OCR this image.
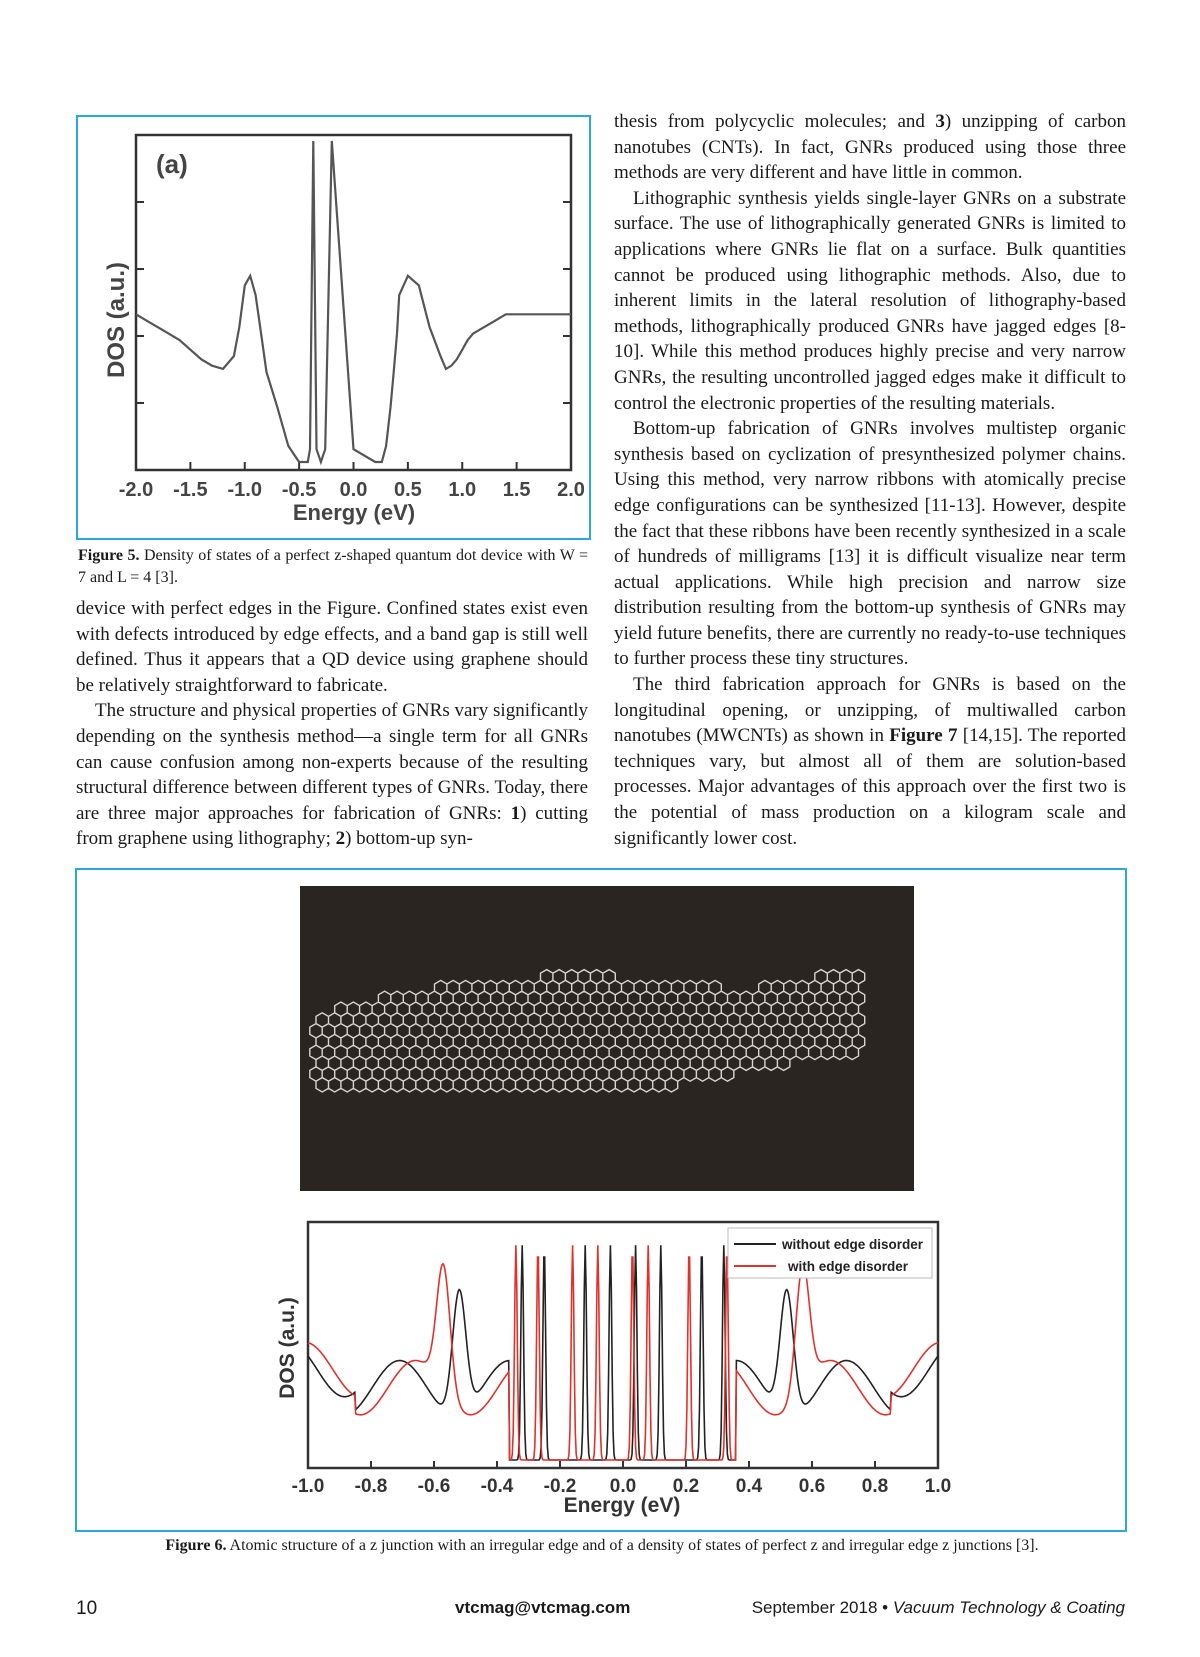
(a)
DOS (a.u.)
Energy (eV)
-2.0 -1.5 -1.0 -0.5 0.0 0.5 1.0 1.5 2.0
Figure 5. Density of states of a perfect z-shaped quantum dot device with W = 7 and L = 4 [3].

device with perfect edges in the Figure. Confined states exist even with defects introduced by edge effects, and a band gap is still well defined. Thus it appears that a QD device using graphene should be relatively straightforward to fabricate.

The structure and physical properties of GNRs vary significantly depending on the synthesis method—a single term for all GNRs can cause confusion among non-experts because of the resulting structural difference between different types of GNRs. Today, there are three major approaches for fabrication of GNRs: 1) cutting from graphene using lithography; 2) bottom-up syn-

thesis from polycyclic molecules; and 3) unzipping of carbon nanotubes (CNTs). In fact, GNRs produced using those three methods are very different and have little in common.

Lithographic synthesis yields single-layer GNRs on a substrate surface. The use of lithographically generated GNRs is limited to applications where GNRs lie flat on a surface. Bulk quantities cannot be produced using lithographic methods. Also, due to inherent limits in the lateral resolution of lithography-based methods, lithographically produced GNRs have jagged edges [8-10]. While this method produces highly precise and very narrow GNRs, the resulting uncontrolled jagged edges make it difficult to control the electronic properties of the resulting materials.

Bottom-up fabrication of GNRs involves multistep organic synthesis based on cyclization of presynthesized polymer chains. Using this method, very narrow ribbons with atomically precise edge configurations can be synthesized [11-13]. However, despite the fact that these ribbons have been recently synthesized in a scale of hundreds of milligrams [13] it is difficult visualize near term actual applications. While high precision and narrow size distribution resulting from the bottom-up synthesis of GNRs may yield future benefits, there are currently no ready-to-use techniques to further process these tiny structures.

The third fabrication approach for GNRs is based on the longitudinal opening, or unzipping, of multiwalled carbon nanotubes (MWCNTs) as shown in Figure 7 [14,15]. The reported techniques vary, but almost all of them are solution-based processes. Major advantages of this approach over the first two is the potential of mass production on a kilogram scale and significantly lower cost.

DOS (a.u.)
Energy (eV)
-1.0 -0.8 -0.6 -0.4 -0.2 0.0 0.2 0.4 0.6 0.8 1.0
without edge disorder
with edge disorder
Figure 6. Atomic structure of a z junction with an irregular edge and of a density of states of perfect z and irregular edge z junctions [3].
10	vtcmag@vtcmag.com	September 2018 • Vacuum Technology & Coating
